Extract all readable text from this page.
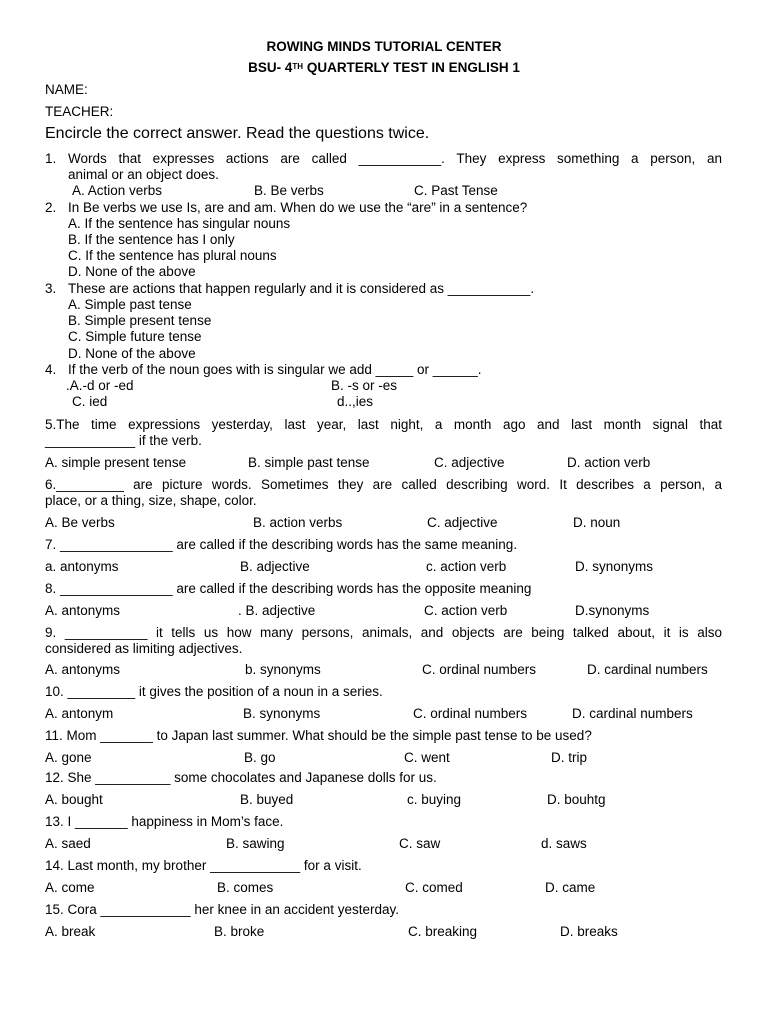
ROWING MINDS TUTORIAL CENTER
BSU- 4TH QUARTERLY TEST IN ENGLISH 1
NAME:
TEACHER:
Encircle the correct answer. Read the questions twice.
1. Words that expresses actions are called ___________. They express something a person, an
animal or an object does.
A. Action verbs	B. Be verbs	C. Past Tense
2. In Be verbs we use Is, are and am. When do we use the “are” in a sentence?
A. If the sentence has singular nouns
B. If the sentence has I only
C. If the sentence has plural nouns
D. None of the above
3. These are actions that happen regularly and it is considered as ___________.
A. Simple past tense
B. Simple present tense
C. Simple future tense
D. None of the above
4. If the verb of the noun goes with is singular we add _____ or ______.
.A.-d or -ed	B. -s or -es
C. ied	d..,ies
5.The time expressions yesterday, last year, last night, a month ago and last month signal that
____________ if the verb.
A. simple present tense	B. simple past tense	C. adjective	D. action verb
6._________ are picture words. Sometimes they are called describing word. It describes a person, a
place, or a thing, size, shape, color.
A. Be verbs	B. action verbs	C. adjective	D. noun
7. _______________ are called if the describing words has the same meaning.
a. antonyms	B. adjective	c. action verb	D. synonyms
8. _______________ are called if the describing words has the opposite meaning
A. antonyms	. B. adjective	C. action verb	D.synonyms
9. ___________ it tells us how many persons, animals, and objects are being talked about, it is also
considered as limiting adjectives.
A. antonyms	b. synonyms	C. ordinal numbers	D. cardinal numbers
10. _________ it gives the position of a noun in a series.
A. antonym	B. synonyms	C. ordinal numbers	D. cardinal numbers
11. Mom _______ to Japan last summer. What should be the simple past tense to be used?
A. gone	B. go	C. went	D. trip
12. She __________ some chocolates and Japanese dolls for us.
A. bought	B. buyed	c. buying	D. bouhtg
13. I _______ happiness in Mom’s face.
A. saed	B. sawing	C. saw	d. saws
14. Last month, my brother ____________ for a visit.
A. come	B. comes	C. comed	D. came
15. Cora ____________ her knee in an accident yesterday.
A. break	B. broke	C. breaking	D. breaks
